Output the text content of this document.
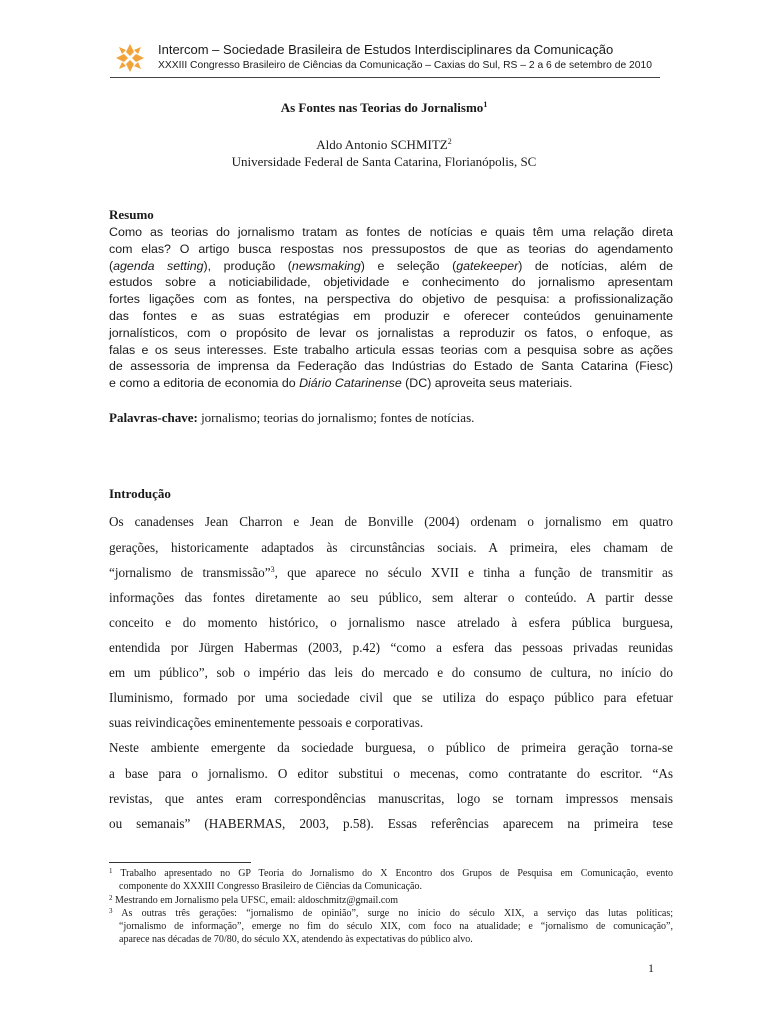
Intercom – Sociedade Brasileira de Estudos Interdisciplinares da Comunicação
XXXIII Congresso Brasileiro de Ciências da Comunicação – Caxias do Sul, RS – 2 a 6 de setembro de 2010
As Fontes nas Teorias do Jornalismo$^1$
Aldo Antonio SCHMITZ$^2$
Universidade Federal de Santa Catarina, Florianópolis, SC
Resumo
Como as teorias do jornalismo tratam as fontes de notícias e quais têm uma relação direta
com elas? O artigo busca respostas nos pressupostos de que as teorias do agendamento
(agenda setting), produção (newsmaking) e seleção (gatekeeper) de notícias, além de
estudos sobre a noticiabilidade, objetividade e conhecimento do jornalismo apresentam
fortes ligações com as fontes, na perspectiva do objetivo de pesquisa: a profissionalização
das fontes e as suas estratégias em produzir e oferecer conteúdos genuinamente
jornalísticos, com o propósito de levar os jornalistas a reproduzir os fatos, o enfoque, as
falas e os seus interesses. Este trabalho articula essas teorias com a pesquisa sobre as ações
de assessoria de imprensa da Federação das Indústrias do Estado de Santa Catarina (Fiesc)
e como a editoria de economia do Diário Catarinense (DC) aproveita seus materiais.
Palavras-chave: jornalismo; teorias do jornalismo; fontes de notícias.
Introdução
Os canadenses Jean Charron e Jean de Bonville (2004) ordenam o jornalismo em quatro
gerações, historicamente adaptados às circunstâncias sociais. A primeira, eles chamam de
“jornalismo de transmissão”$^3$, que aparece no século XVII e tinha a função de transmitir as
informações das fontes diretamente ao seu público, sem alterar o conteúdo. A partir desse
conceito e do momento histórico, o jornalismo nasce atrelado à esfera pública burguesa,
entendida por Jürgen Habermas (2003, p.42) “como a esfera das pessoas privadas reunidas
em um público”, sob o império das leis do mercado e do consumo de cultura, no início do
Iluminismo, formado por uma sociedade civil que se utiliza do espaço público para efetuar
suas reivindicações eminentemente pessoais e corporativas.
Neste ambiente emergente da sociedade burguesa, o público de primeira geração torna-se
a base para o jornalismo. O editor substitui o mecenas, como contratante do escritor. “As
revistas, que antes eram correspondências manuscritas, logo se tornam impressos mensais
ou semanais” (HABERMAS, 2003, p.58). Essas referências aparecem na primeira tese
$^1$ Trabalho apresentado no GP Teoria do Jornalismo do X Encontro dos Grupos de Pesquisa em Comunicação, evento
componente do XXXIII Congresso Brasileiro de Ciências da Comunicação.
$^2$ Mestrando em Jornalismo pela UFSC, email: aldoschmitz@gmail.com
$^3$ As outras três gerações: “jornalismo de opinião”, surge no início do século XIX, a serviço das lutas políticas;
“jornalismo de informação”, emerge no fim do século XIX, com foco na atualidade; e “jornalismo de comunicação”,
aparece nas décadas de 70/80, do século XX, atendendo às expectativas do público alvo.
1
